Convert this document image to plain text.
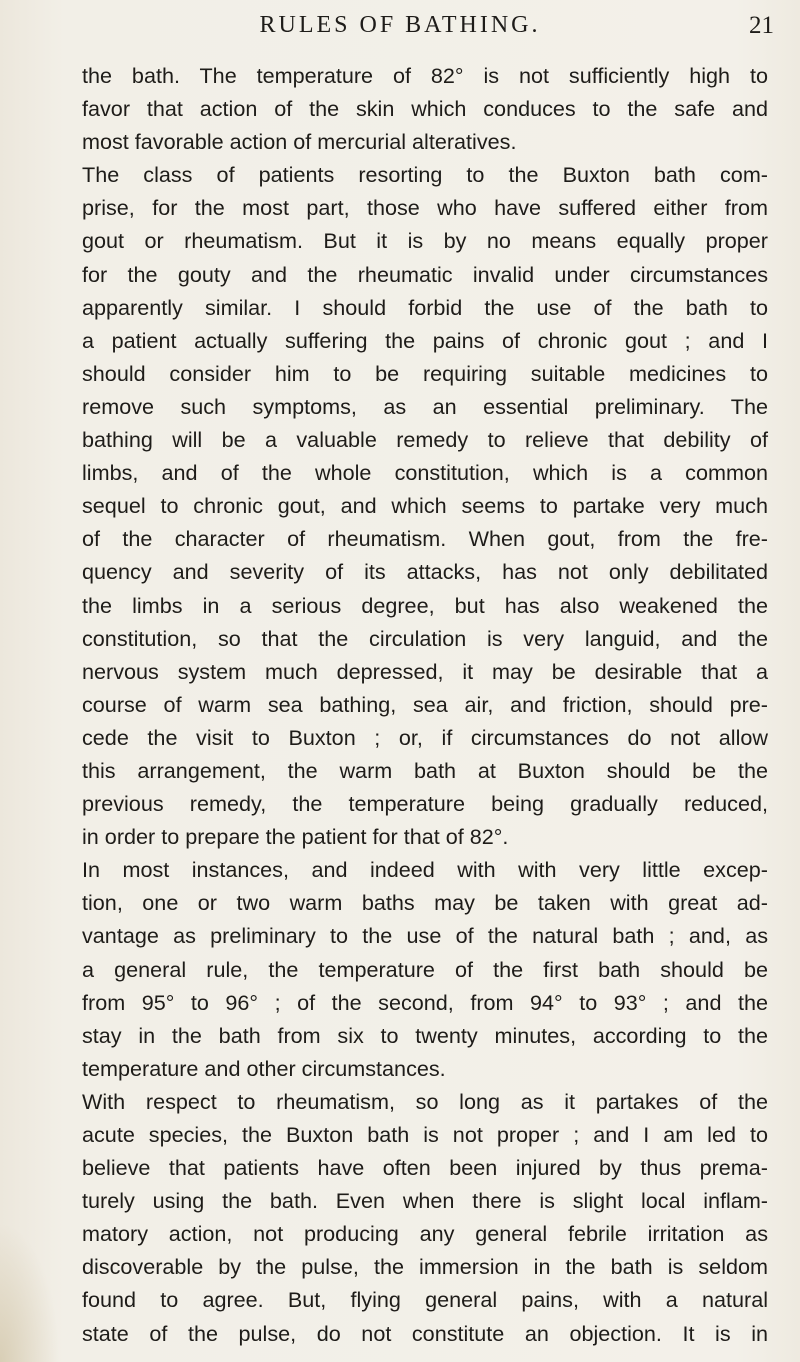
RULES OF BATHING.	21
the bath. The temperature of 82° is not sufficiently high to
favor that action of the skin which conduces to the safe and
most favorable action of mercurial alteratives.
The class of patients resorting to the Buxton bath com-
prise, for the most part, those who have suffered either from
gout or rheumatism. But it is by no means equally proper
for the gouty and the rheumatic invalid under circumstances
apparently similar. I should forbid the use of the bath to
a patient actually suffering the pains of chronic gout ; and I
should consider him to be requiring suitable medicines to
remove such symptoms, as an essential preliminary. The
bathing will be a valuable remedy to relieve that debility of
limbs, and of the whole constitution, which is a common
sequel to chronic gout, and which seems to partake very much
of the character of rheumatism. When gout, from the fre-
quency and severity of its attacks, has not only debilitated
the limbs in a serious degree, but has also weakened the
constitution, so that the circulation is very languid, and the
nervous system much depressed, it may be desirable that a
course of warm sea bathing, sea air, and friction, should pre-
cede the visit to Buxton ; or, if circumstances do not allow
this arrangement, the warm bath at Buxton should be the
previous remedy, the temperature being gradually reduced,
in order to prepare the patient for that of 82°.
In most instances, and indeed with with very little excep-
tion, one or two warm baths may be taken with great ad-
vantage as preliminary to the use of the natural bath ; and, as
a general rule, the temperature of the first bath should be
from 95° to 96° ; of the second, from 94° to 93° ; and the
stay in the bath from six to twenty minutes, according to the
temperature and other circumstances.
With respect to rheumatism, so long as it partakes of the
acute species, the Buxton bath is not proper ; and I am led to
believe that patients have often been injured by thus prema-
turely using the bath. Even when there is slight local inflam-
matory action, not producing any general febrile irritation as
discoverable by the pulse, the immersion in the bath is seldom
found to agree. But, flying general pains, with a natural
state of the pulse, do not constitute an objection. It is in
